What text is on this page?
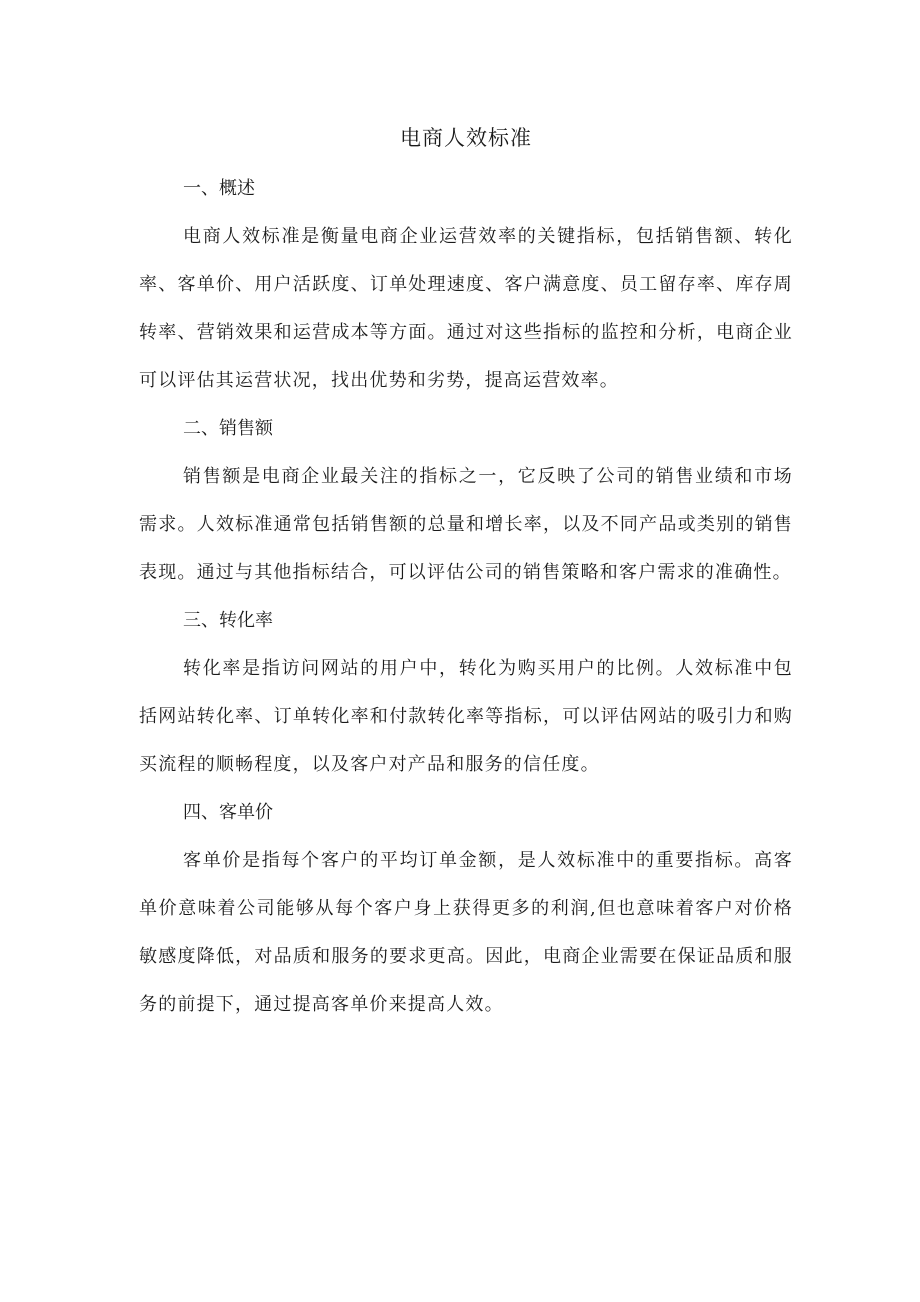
电商人效标准

一、概述

电商人效标准是衡量电商企业运营效率的关键指标，包括销售额、转化率、客单价、用户活跃度、订单处理速度、客户满意度、员工留存率、库存周转率、营销效果和运营成本等方面。通过对这些指标的监控和分析，电商企业可以评估其运营状况，找出优势和劣势，提高运营效率。

二、销售额

销售额是电商企业最关注的指标之一，它反映了公司的销售业绩和市场需求。人效标准通常包括销售额的总量和增长率，以及不同产品或类别的销售表现。通过与其他指标结合，可以评估公司的销售策略和客户需求的准确性。

三、转化率

转化率是指访问网站的用户中，转化为购买用户的比例。人效标准中包括网站转化率、订单转化率和付款转化率等指标，可以评估网站的吸引力和购买流程的顺畅程度，以及客户对产品和服务的信任度。

四、客单价

客单价是指每个客户的平均订单金额，是人效标准中的重要指标。高客单价意味着公司能够从每个客户身上获得更多的利润,但也意味着客户对价格敏感度降低，对品质和服务的要求更高。因此，电商企业需要在保证品质和服务的前提下，通过提高客单价来提高人效。
